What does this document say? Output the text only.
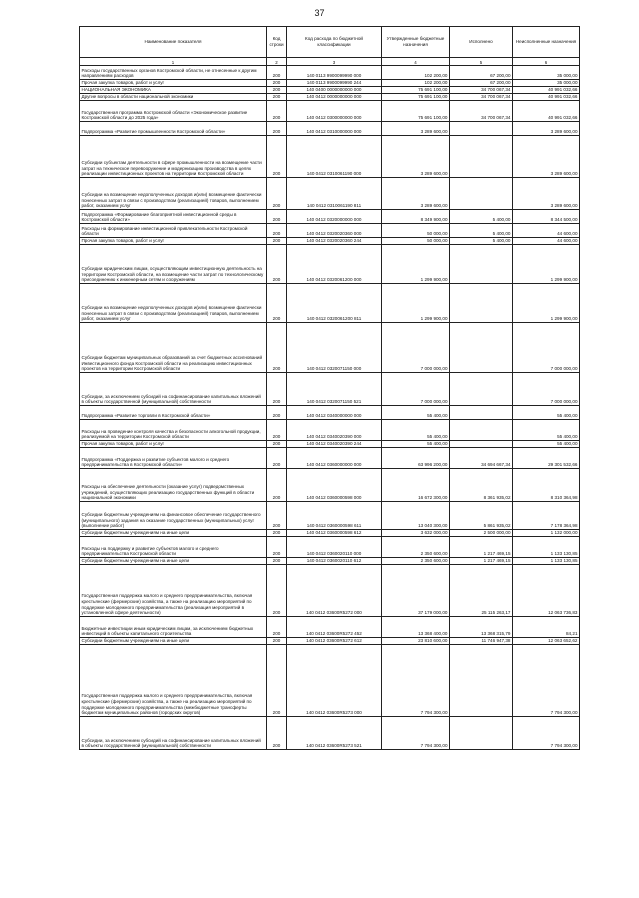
37
Наименование показателя	Код строки	Код расхода по бюджетной классификации	Утвержденные бюджетные назначения	Исполнено	Неисполненные назначения
1	2	3	4	5	6
Расходы государственных органов Костромской области, не отнесенные к другим направлениям расходов	200	140 0113 9900099990 000	102 200,00	67 200,00	35 000,00
Прочая закупка товаров, работ и услуг	200	140 0113 9900099990 244	102 200,00	67 200,00	35 000,00
НАЦИОНАЛЬНАЯ ЭКОНОМИКА	200	140 0400 0000000000 000	75 691 100,00	34 700 067,34	40 991 032,66
Другие вопросы в области национальной экономики	200	140 0412 0000000000 000	75 691 100,00	34 700 067,34	40 991 032,66
Государственная программа Костромской области «Экономическое развитие Костромской области до 2025 года»	200	140 0412 0300000000 000	75 691 100,00	34 700 067,34	40 991 032,66
Подпрограмма «Развитие промышленности Костромской области»	200	140 0412 0310000000 000	3 289 600,00		3 289 600,00
Субсидии субъектам деятельности в сфере промышленности на возмещение части затрат на техническое перевооружение и модернизацию производства в целях реализации инвестиционных проектов на территории Костромской области	200	140 0412 0310061190 000	3 289 600,00		3 289 600,00
Субсидии на возмещение недополученных доходов и(или) возмещение фактически понесенных затрат в связи с производством (реализацией) товаров, выполнением работ, оказанием услуг	200	140 0412 0310061190 811	3 289 600,00		3 289 600,00
Подпрограмма «Формирование благоприятной инвестиционной среды в Костромской области»	200	140 0412 0320000000 000	8 349 900,00	5 400,00	8 344 500,00
Расходы на формирование инвестиционной привлекательности Костромской области	200	140 0412 0320020360 000	50 000,00	5 400,00	44 600,00
Прочая закупка товаров, работ и услуг	200	140 0412 0320020360 244	50 000,00	5 400,00	44 600,00
Субсидии юридическим лицам, осуществляющим инвестиционную деятельность на территории Костромской области, на возмещение части затрат по технологическому присоединению к инженерным сетям и сооружениям	200	140 0412 0320061200 000	1 299 900,00		1 299 900,00
Субсидии на возмещение недополученных доходов и(или) возмещение фактически понесенных затрат в связи с производством (реализацией) товаров, выполнением работ, оказанием услуг	200	140 0412 0320061200 811	1 299 900,00		1 299 900,00
Субсидии бюджетам муниципальных образований за счет бюджетных ассигнований Инвестиционного фонда Костромской области на реализацию инвестиционных проектов на территории Костромской области	200	140 0412 0320071150 000	7 000 000,00		7 000 000,00
Субсидии, за исключением субсидий на софинансирование капитальных вложений в объекты государственной (муниципальной) собственности	200	140 0412 0320071150 521	7 000 000,00		7 000 000,00
Подпрограмма «Развитие торговли в Костромской области»	200	140 0412 0340000000 000	55 400,00		55 400,00
Расходы на проведение контроля качества и безопасности алкогольной продукции, реализуемой на территории Костромской области	200	140 0412 0340020390 000	55 400,00		55 400,00
Прочая закупка товаров, работ и услуг	200	140 0412 0340020390 244	55 400,00		55 400,00
Подпрограмма «Поддержка и развитие субъектов малого и среднего предпринимательства в Костромской области»	200	140 0412 0360000000 000	63 996 200,00	34 694 667,34	29 301 532,66
Расходы на обеспечение деятельности (оказание услуг) подведомственных учреждений, осуществляющих реализацию государственных функций в области национальной экономики	200	140 0412 0360000598 000	16 672 300,00	8 361 935,02	8 310 364,98
Субсидии бюджетным учреждениям на финансовое обеспечение государственного (муниципального) задания на оказание государственных (муниципальных) услуг (выполнение работ)	200	140 0412 0360000598 611	13 040 300,00	5 861 935,02	7 178 364,98
Субсидии бюджетным учреждениям на иные цели	200	140 0412 0360000598 612	3 632 000,00	2 500 000,00	1 132 000,00
Расходы на поддержку и развитие субъектов малого и среднего предпринимательства Костромской области	200	140 0412 0360020110 000	2 350 600,00	1 217 469,15	1 133 130,85
Субсидии бюджетным учреждениям на иные цели	200	140 0412 0360020110 612	2 350 600,00	1 217 469,15	1 133 130,85
Государственная поддержка малого и среднего предпринимательства, включая крестьянские (фермерские) хозяйства, а также на реализацию мероприятий по поддержке молодежного предпринимательства (реализация мероприятий в установленной сфере деятельности)	200	140 0412 03600R5272 000	37 179 000,00	25 115 263,17	12 063 736,83
Бюджетные инвестиции иным юридическим лицам, за исключением бюджетных инвестиций в объекты капитального строительства	200	140 0412 03600R5272 452	13 368 400,00	13 368 315,79	84,21
Субсидии бюджетным учреждениям на иные цели	200	140 0412 03600R5272 612	23 810 600,00	11 746 947,38	12 063 652,62
Государственная поддержка малого и среднего предпринимательства, включая крестьянские (фермерские) хозяйства, а также на реализацию мероприятий по поддержке молодежного предпринимательства (межбюджетные трансферты бюджетам муниципальных районов (городских округов)	200	140 0412 03600R5273 000	7 794 300,00		7 794 300,00
Субсидии, за исключением субсидий на софинансирование капитальных вложений в объекты государственной (муниципальной) собственности	200	140 0412 03600R5273 521	7 794 300,00		7 794 300,00
